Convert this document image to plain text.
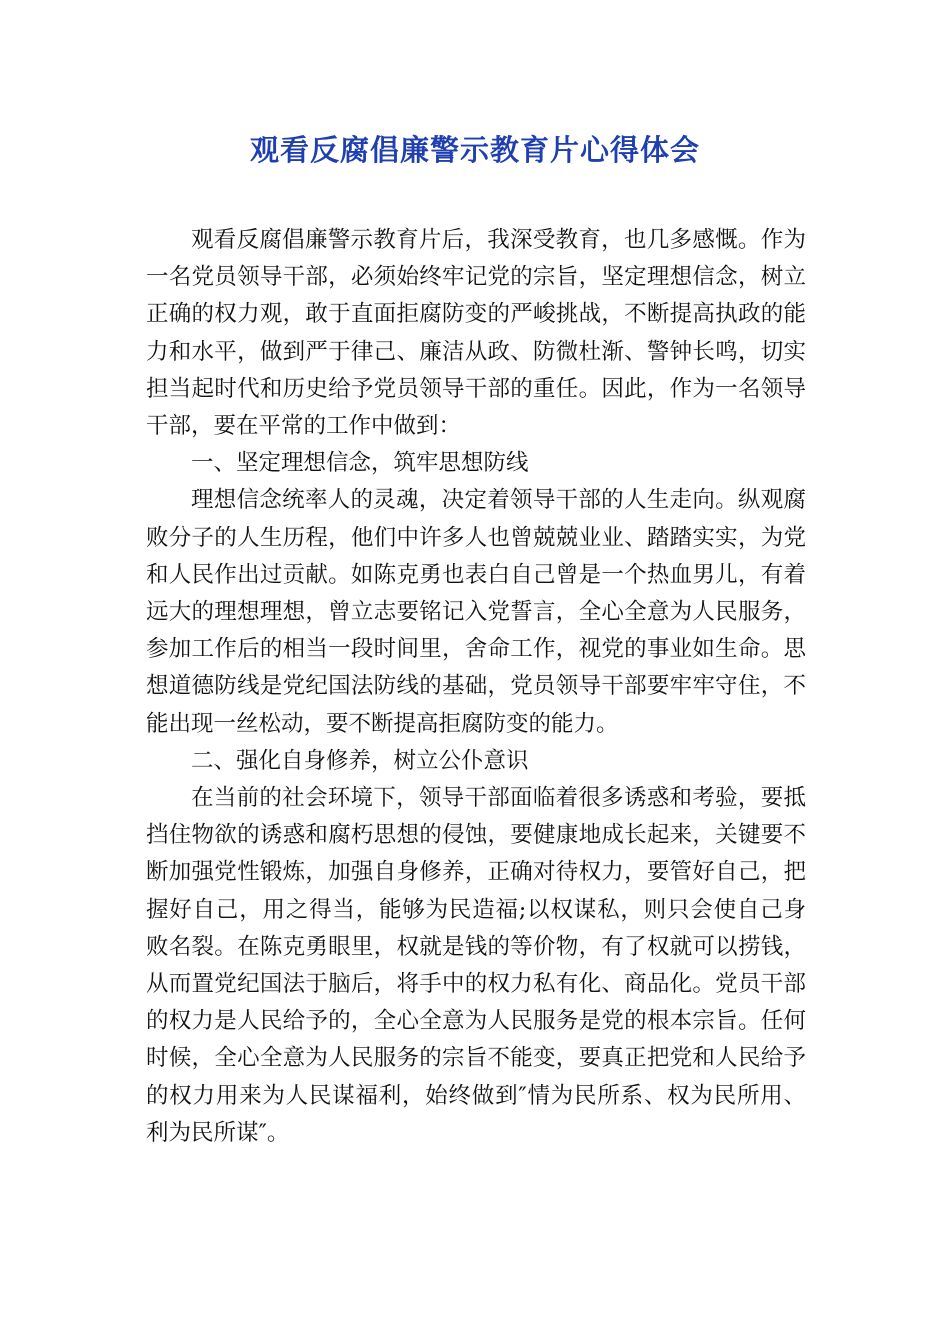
观看反腐倡廉警示教育片心得体会

观看反腐倡廉警示教育片后，我深受教育，也几多感慨。作为一名党员领导干部，必须始终牢记党的宗旨，坚定理想信念，树立正确的权力观，敢于直面拒腐防变的严峻挑战，不断提高执政的能力和水平，做到严于律己、廉洁从政、防微杜渐、警钟长鸣，切实担当起时代和历史给予党员领导干部的重任。因此，作为一名领导干部，要在平常的工作中做到：

一、坚定理想信念，筑牢思想防线

理想信念统率人的灵魂，决定着领导干部的人生走向。纵观腐败分子的人生历程，他们中许多人也曾兢兢业业、踏踏实实，为党和人民作出过贡献。如陈克勇也表白自己曾是一个热血男儿，有着远大的理想理想，曾立志要铭记入党誓言，全心全意为人民服务，参加工作后的相当一段时间里，舍命工作，视党的事业如生命。思想道德防线是党纪国法防线的基础，党员领导干部要牢牢守住，不能出现一丝松动，要不断提高拒腐防变的能力。

二、强化自身修养，树立公仆意识

在当前的社会环境下，领导干部面临着很多诱惑和考验，要抵挡住物欲的诱惑和腐朽思想的侵蚀，要健康地成长起来，关键要不断加强党性锻炼，加强自身修养，正确对待权力，要管好自己，把握好自己，用之得当，能够为民造福;以权谋私，则只会使自己身败名裂。在陈克勇眼里，权就是钱的等价物，有了权就可以捞钱，从而置党纪国法于脑后，将手中的权力私有化、商品化。党员干部的权力是人民给予的，全心全意为人民服务是党的根本宗旨。任何时候，全心全意为人民服务的宗旨不能变，要真正把党和人民给予的权力用来为人民谋福利，始终做到″情为民所系、权为民所用、利为民所谋″。
